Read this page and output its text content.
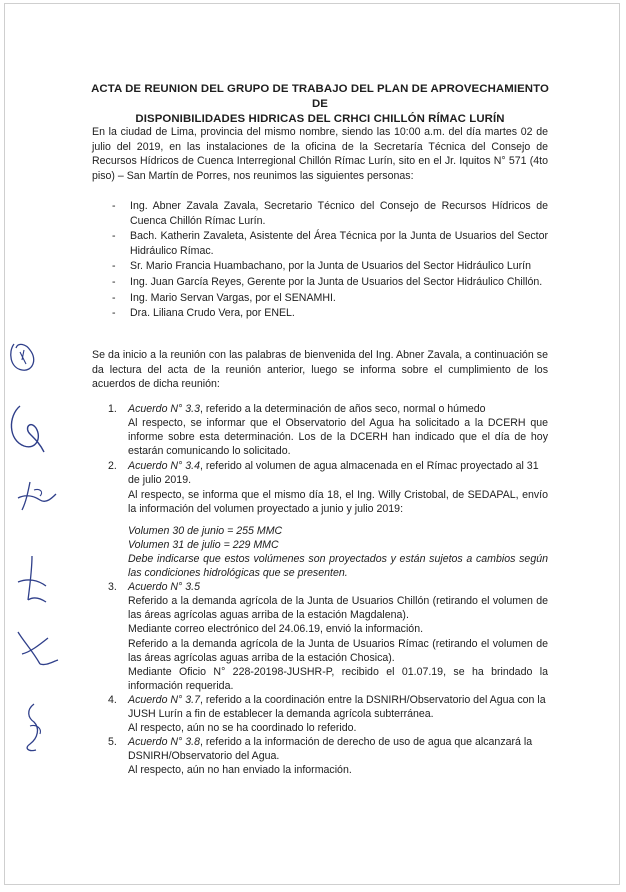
ACTA DE REUNION DEL GRUPO DE TRABAJO DEL PLAN DE APROVECHAMIENTO DE
DISPONIBILIDADES HIDRICAS DEL CRHCI CHILLÓN RÍMAC LURÍN

En la ciudad de Lima, provincia del mismo nombre, siendo las 10:00 a.m. del día martes 02 de julio del 2019, en las instalaciones de la oficina de la Secretaría Técnica del Consejo de Recursos Hídricos de Cuenca Interregional Chillón Rímac Lurín, sito en el Jr. Iquitos N° 571 (4to piso) – San Martín de Porres, nos reunimos las siguientes personas:

- Ing. Abner Zavala Zavala, Secretario Técnico del Consejo de Recursos Hídricos de Cuenca Chillón Rímac Lurín.
- Bach. Katherin Zavaleta, Asistente del Área Técnica por la Junta de Usuarios del Sector Hidráulico Rímac.
- Sr. Mario Francia Huambachano, por la Junta de Usuarios del Sector Hidráulico Lurín
- Ing. Juan García Reyes, Gerente por la Junta de Usuarios del Sector Hidráulico Chillón.
- Ing. Mario Servan Vargas, por el SENAMHI.
- Dra. Liliana Crudo Vera, por ENEL.

Se da inicio a la reunión con las palabras de bienvenida del Ing. Abner Zavala, a continuación se da lectura del acta de la reunión anterior, luego se informa sobre el cumplimiento de los acuerdos de dicha reunión:

1. Acuerdo N° 3.3, referido a la determinación de años seco, normal o húmedo
Al respecto, se informar que el Observatorio del Agua ha solicitado a la DCERH que informe sobre esta determinación. Los de la DCERH han indicado que el día de hoy estarán comunicando lo solicitado.
2. Acuerdo N° 3.4, referido al volumen de agua almacenada en el Rímac proyectado al 31 de julio 2019.
Al respecto, se informa que el mismo día 18, el Ing. Willy Cristobal, de SEDAPAL, envío la información del volumen proyectado a junio y julio 2019:
Volumen 30 de junio = 255 MMC
Volumen 31 de julio = 229 MMC
Debe indicarse que estos volúmenes son proyectados y están sujetos a cambios según las condiciones hidrológicas que se presenten.
3. Acuerdo N° 3.5
Referido a la demanda agrícola de la Junta de Usuarios Chillón (retirando el volumen de las áreas agrícolas aguas arriba de la estación Magdalena).
Mediante correo electrónico del 24.06.19, envió la información.
Referido a la demanda agrícola de la Junta de Usuarios Rímac (retirando el volumen de las áreas agrícolas aguas arriba de la estación Chosica).
Mediante Oficio N° 228-20198-JUSHR-P, recibido el 01.07.19, se ha brindado la información requerida.
4. Acuerdo N° 3.7, referido a la coordinación entre la DSNIRH/Observatorio del Agua con la JUSH Lurín a fin de establecer la demanda agrícola subterránea.
Al respecto, aún no se ha coordinado lo referido.
5. Acuerdo N° 3.8, referido a la información de derecho de uso de agua que alcanzará la DSNIRH/Observatorio del Agua.
Al respecto, aún no han enviado la información.
